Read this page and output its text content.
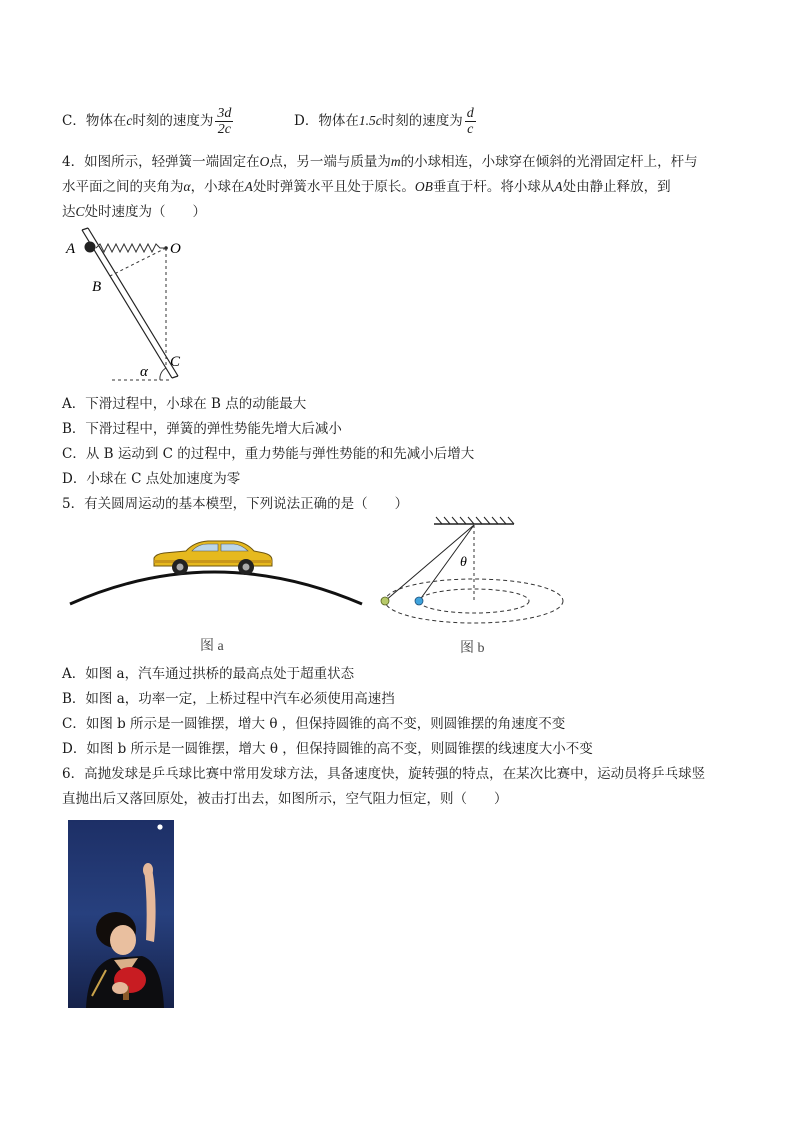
C．物体在c时刻的速度为 $\frac{3d}{2c}$	D．物体在1.5c时刻的速度为 $\frac{d}{c}$
4．如图所示，轻弹簧一端固定在O点，另一端与质量为m的小球相连，小球穿在倾斜的光滑固定杆上，杆与
水平面之间的夹角为α，小球在A处时弹簧水平且处于原长。OB垂直于杆。将小球从A处由静止释放，到
达C处时速度为（　　）
A	O
B
C
α
A．下滑过程中，小球在 B 点的动能最大
B．下滑过程中，弹簧的弹性势能先增大后减小
C．从 B 运动到 C 的过程中，重力势能与弹性势能的和先减小后增大
D．小球在 C 点处加速度为零
5．有关圆周运动的基本模型，下列说法正确的是（　　）
图 a
θ
图 b
A．如图 a，汽车通过拱桥的最高点处于超重状态
B．如图 a，功率一定，上桥过程中汽车必须使用高速挡
C．如图 b 所示是一圆锥摆，增大 θ ，但保持圆锥的高不变，则圆锥摆的角速度不变
D．如图 b 所示是一圆锥摆，增大 θ ，但保持圆锥的高不变，则圆锥摆的线速度大小不变
6．高抛发球是乒乓球比赛中常用发球方法，具备速度快，旋转强的特点，在某次比赛中，运动员将乒乓球竖
直抛出后又落回原处，被击打出去，如图所示，空气阻力恒定，则（　　）
